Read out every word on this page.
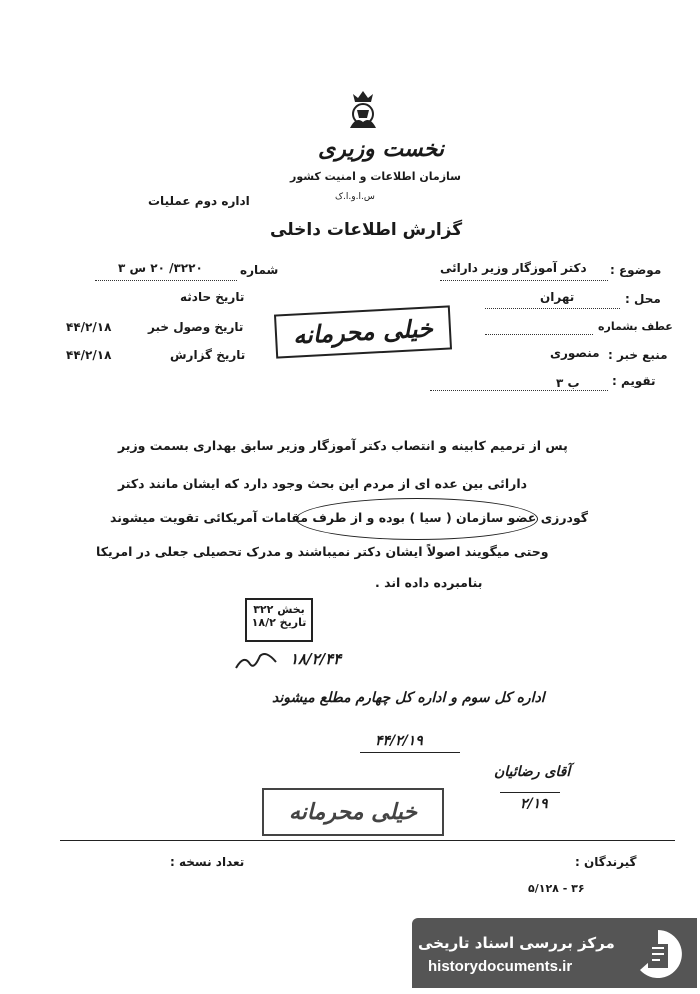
نخست وزیری
سازمان اطلاعات و امنیت کشور
س.ا.و.ا.ک
اداره دوم عملیات
گزارش اطلاعات داخلی
موضوع :
دکتر آموزگار وزیر دارائی
محل :
تهران
عطف بشماره
منبع خبر :
منصوری
تقویم :
ب ۳
شماره
۳۲۲۰/ ۲۰ س ۳
تاریخ حادثه
تاریخ وصول خبر
۴۴/۲/۱۸
تاریخ گزارش
۴۴/۲/۱۸
خیلی محرمانه
پس از ترمیم کابینه و انتصاب دکتر آموزگار وزیر سابق بهداری بسمت وزیر
دارائی بین عده ای از مردم این بحث وجود دارد که ایشان مانند دکتر
گودرزی عضو سازمان ( سیا ) بوده و از طرف مقامات آمریکائی تقویت میشوند
وحتی میگویند اصولاً ایشان دکتر نمیباشند و مدرک تحصیلی جعلی در امریکا
بنامبرده داده اند .
بخش ۳۲۲
تاریخ ۱۸/۲
۱۸/۲/۴۴
اداره کل سوم و اداره کل چهارم مطلع میشوند
۴۴/۲/۱۹
آقای رضائیان
۲/۱۹
خیلی محرمانه
گیرندگان :
تعداد نسخه :
۳۶ - ۵/۱۲۸
مرکز بررسی اسناد تاریخی
historydocuments.ir
